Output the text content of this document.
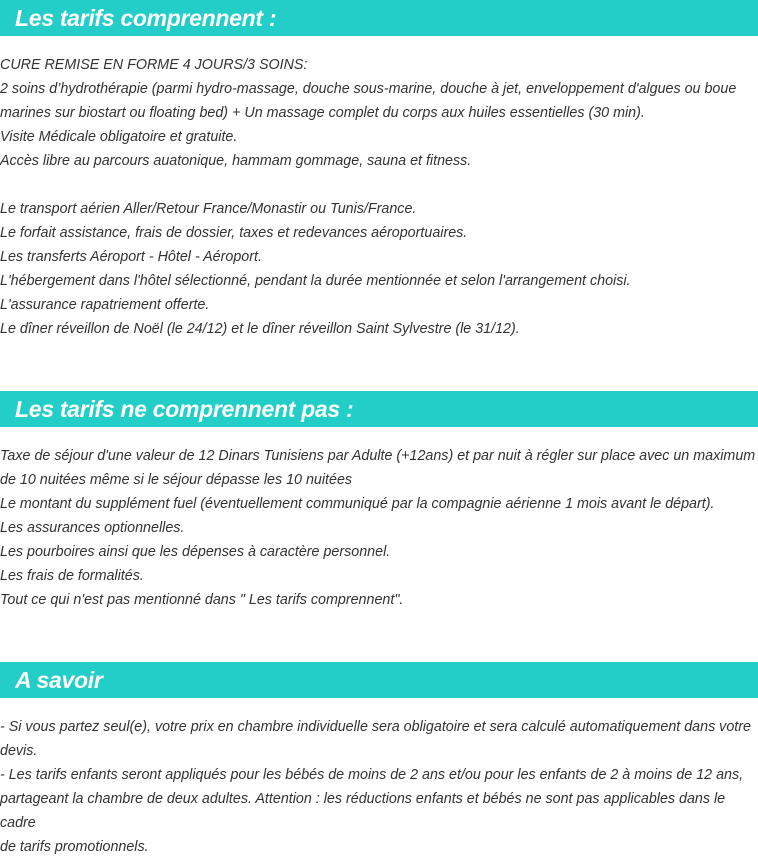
Les tarifs comprennent :
CURE REMISE EN FORME 4 JOURS/3 SOINS:
2 soins d’hydrothérapie (parmi hydro-massage, douche sous-marine, douche à jet, enveloppement d'algues ou boue
marines sur biostart ou floating bed) + Un massage complet du corps aux huiles essentielles (30 min).
Visite Médicale obligatoire et gratuite.
Accès libre au parcours auatonique, hammam gommage, sauna et fitness.
Le transport aérien Aller/Retour France/Monastir ou Tunis/France.
Le forfait assistance, frais de dossier, taxes et redevances aéroportuaires.
Les transferts Aéroport - Hôtel - Aéroport.
L'hébergement dans l'hôtel sélectionné, pendant la durée mentionnée et selon l'arrangement choisi.
L'assurance rapatriement offerte.
Le dîner réveillon de Noël (le 24/12) et le dîner réveillon Saint Sylvestre (le 31/12).
Les tarifs ne comprennent pas :
Taxe de séjour d'une valeur de 12 Dinars Tunisiens par Adulte (+12ans) et par nuit à régler sur place avec un maximum
de 10 nuitées même si le séjour dépasse les 10 nuitées
Le montant du supplément fuel (éventuellement communiqué par la compagnie aérienne 1 mois avant le départ).
Les assurances optionnelles.
Les pourboires ainsi que les dépenses à caractère personnel.
Les frais de formalités.
Tout ce qui n'est pas mentionné dans " Les tarifs comprennent".
A savoir
- Si vous partez seul(e), votre prix en chambre individuelle sera obligatoire et sera calculé automatiquement dans votre
devis.
- Les tarifs enfants seront appliqués pour les bébés de moins de 2 ans et/ou pour les enfants de 2 à moins de 12 ans,
partageant la chambre de deux adultes. Attention : les réductions enfants et bébés ne sont pas applicables dans le cadre
de tarifs promotionnels.
